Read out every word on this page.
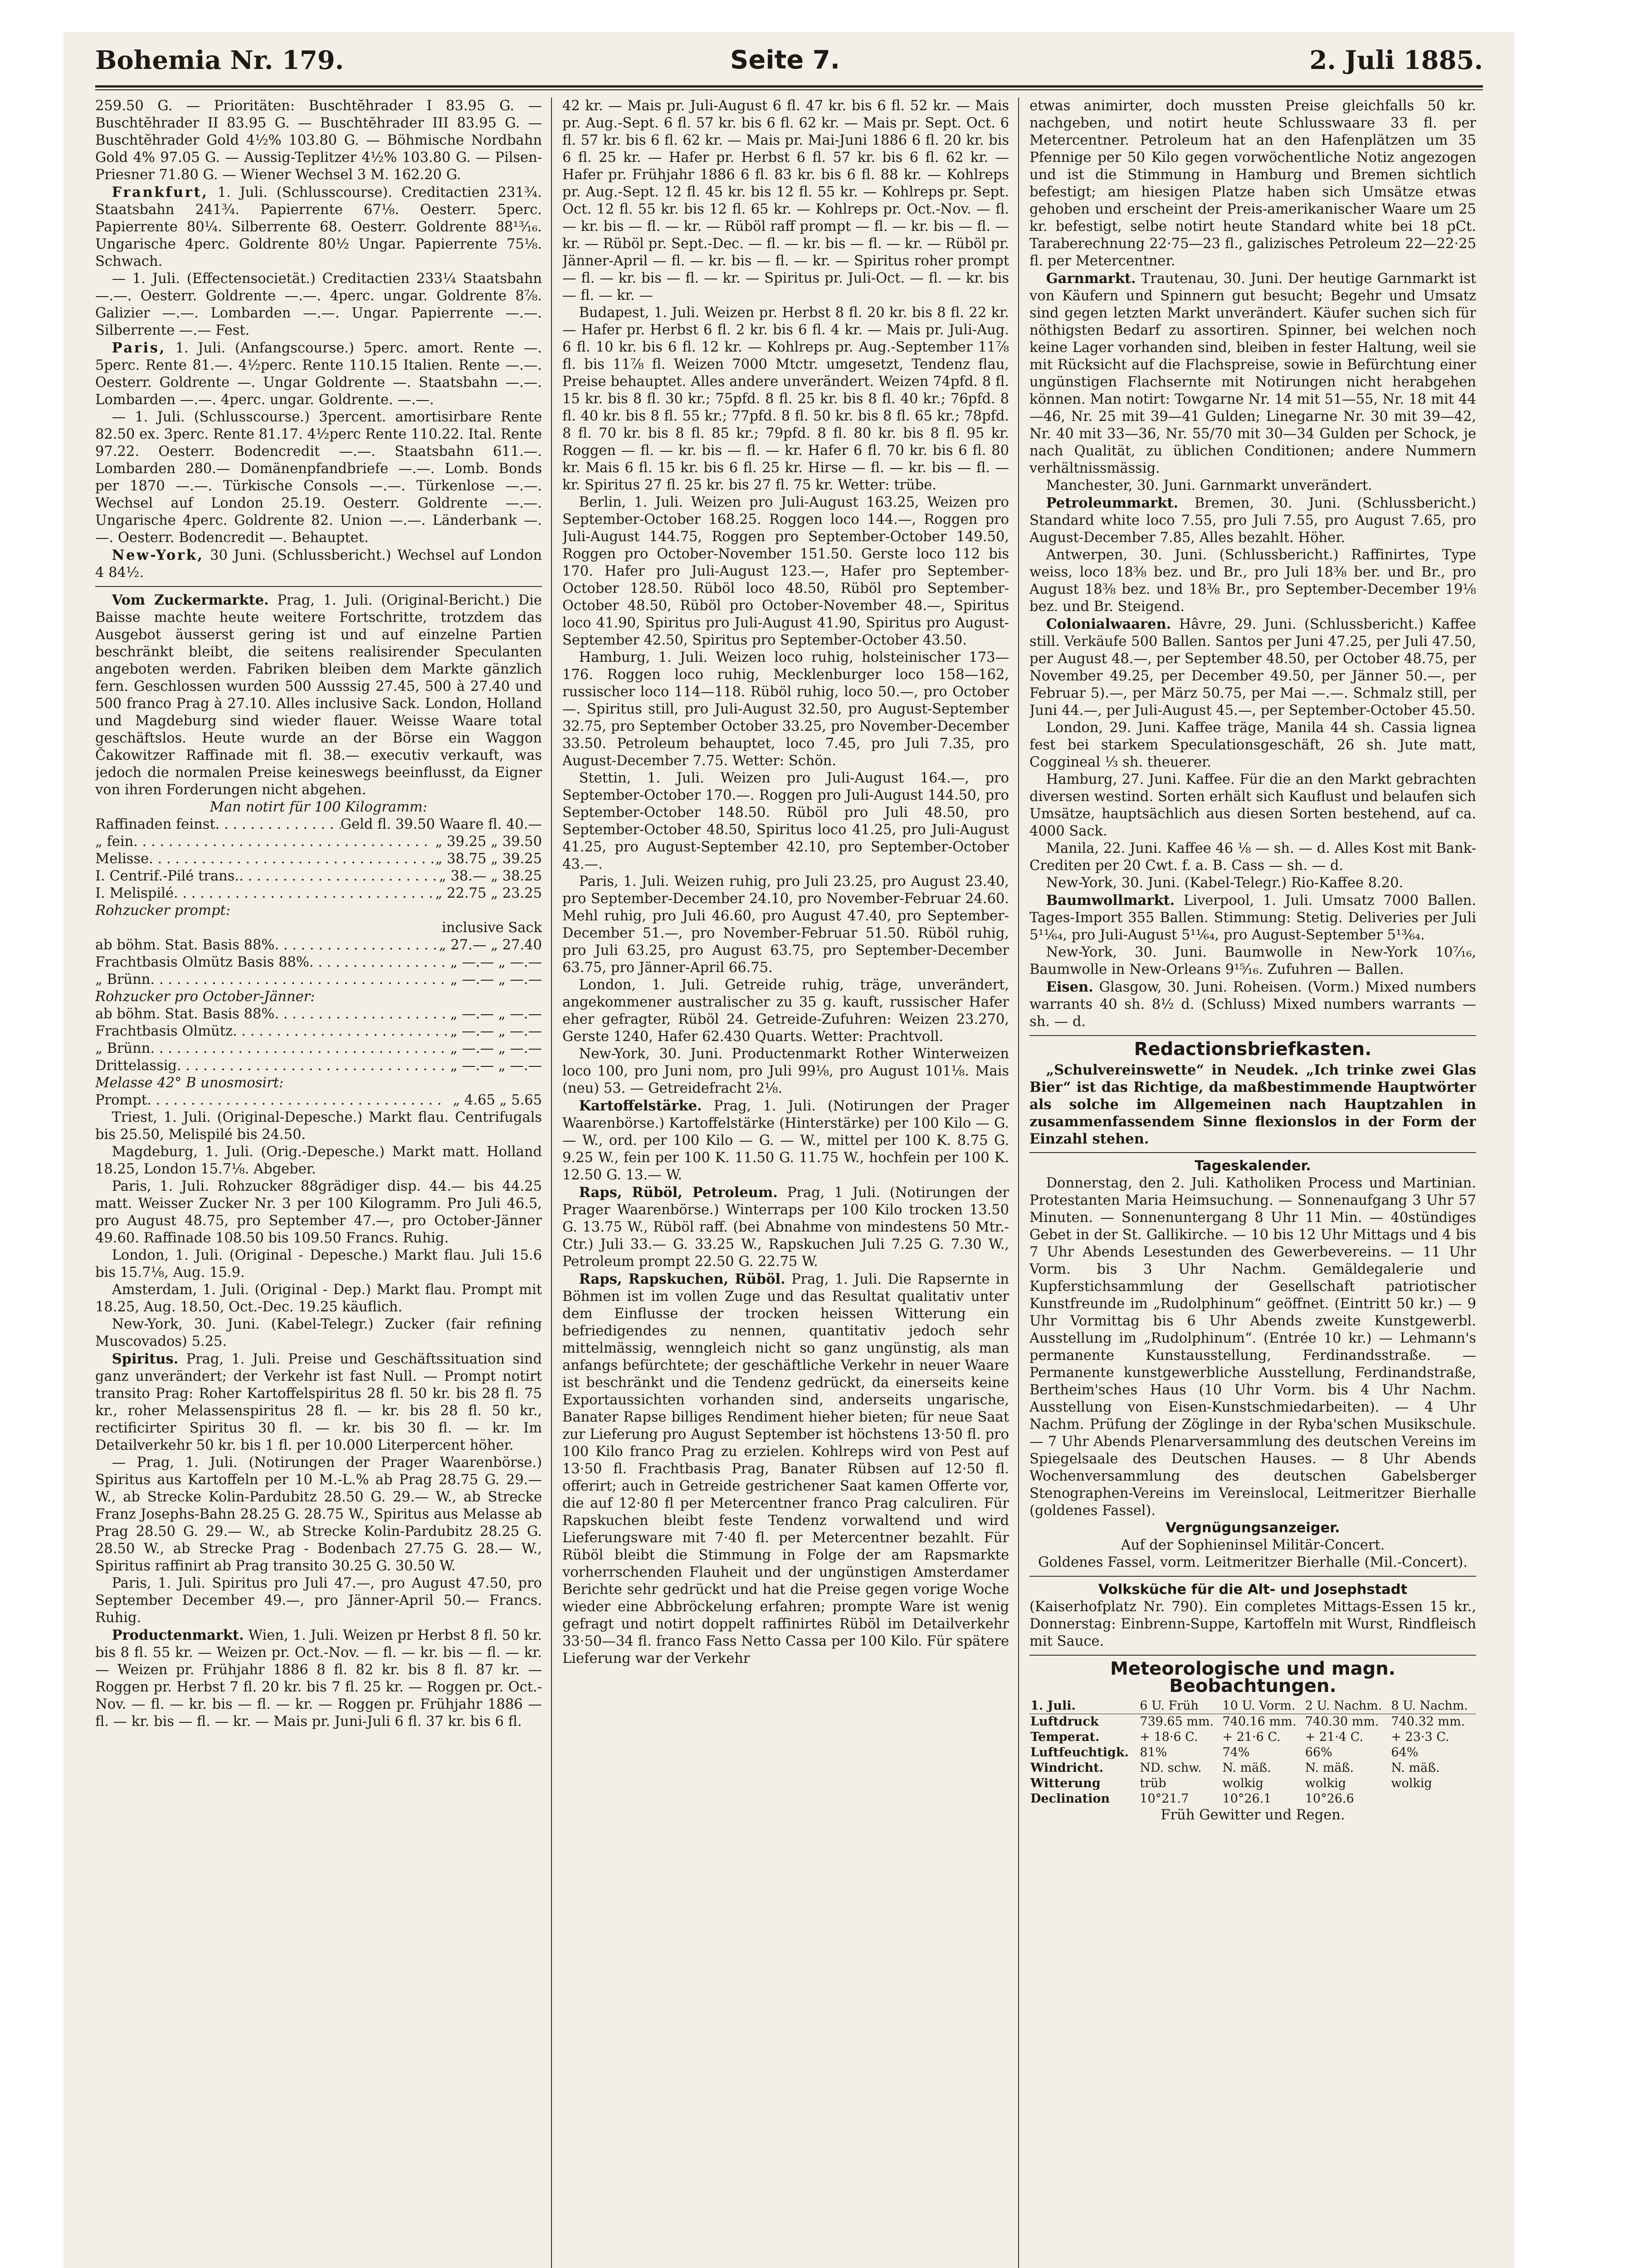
Bohemia Nr. 179.	Seite 7.	2. Juli 1885.

259.50 G. — Prioritäten: Buschtĕhrader I 83.95 G. — Buschtĕhrader II 83.95 G. — Buschtĕhrader III 83.95 G. — Buschtĕhrader Gold 4½% 103.80 G. — Böhmische Nordbahn Gold 4% 97.05 G. — Aussig-Teplitzer 4½% 103.80 G. — Pilsen-Priesner 71.80 G. — Wiener Wechsel 3 M. 162.20 G.

Frankfurt, 1. Juli. (Schlusscourse). Creditactien 231¾. Staatsbahn 241¾. Papierrente 67⅛. Oesterr. 5perc. Papierrente 80¼. Silberrente 68. Oesterr. Goldrente 88¹³⁄₁₆. Ungarische 4perc. Goldrente 80½ Ungar. Papierrente 75⅛. Schwach.

— 1. Juli. (Effectensocietät.) Creditactien 233¼ Staatsbahn —.—. Oesterr. Goldrente —.—. 4perc. ungar. Goldrente 8⅞. Galizier —.—. Lombarden —.—. Ungar. Papierrente —.—. Silberrente —.— Fest.

Paris, 1. Juli. (Anfangscourse.) 5perc. amort. Rente —. 5perc. Rente 81.—. 4½perc. Rente 110.15 Italien. Rente —.—. Oesterr. Goldrente —. Ungar Goldrente —. Staatsbahn —.—. Lombarden —.—. 4perc. ungar. Goldrente. —.—.

— 1. Juli. (Schlusscourse.) 3percent. amortisirbare Rente 82.50 ex. 3perc. Rente 81.17. 4½perc Rente 110.22. Ital. Rente 97.22. Oesterr. Bodencredit —.—. Staatsbahn 611.—. Lombarden 280.— Domänenpfandbriefe —.—. Lomb. Bonds per 1870 —.—. Türkische Consols —.—. Türkenlose —.—. Wechsel auf London 25.19. Oesterr. Goldrente —.—. Ungarische 4perc. Goldrente 82. Union —.—. Länderbank —.—. Oesterr. Bodencredit —. Behauptet.

New-York, 30 Juni. (Schlussbericht.) Wechsel auf London 4 84½.

Vom Zuckermarkte. Prag, 1. Juli. (Original-Bericht.) Die Baisse machte heute weitere Fortschritte, trotzdem das Ausgebot äusserst gering ist und auf einzelne Partien beschränkt bleibt, die seitens realisirender Speculanten angeboten werden. Fabriken bleiben dem Markte gänzlich fern. Geschlossen wurden 500 Ausssig 27.45, 500 à 27.40 und 500 franco Prag à 27.10. Alles inclusive Sack. London, Holland und Magdeburg sind wieder flauer. Weisse Waare total geschäftslos. Heute wurde an der Börse ein Waggon Čakowitzer Raffinade mit fl. 38.— executiv verkauft, was jedoch die normalen Preise keineswegs beeinflusst, da Eigner von ihren Forderungen nicht abgehen.

Man notirt für 100 Kilogramm:

Raffinaden feinst . . .	Geld fl. 39.50 Waare fl. 40.—
„ fein . . .	„ 39.25 „ 39.50
Melisse . . .	„ 38.75 „ 39.25
I. Centrif.-Pilé trans. . . .	„ 38.— „ 38.25
I. Melispilé . . .	„ 22.75 „ 23.25

Rohzucker prompt:

inclusive Sack

ab böhm. Stat. Basis 88% . . .	„ 27.— „ 27.40
Frachtbasis Olmütz Basis 88% . . .	„ —.— „ —.—
„ Brünn . . .	„ —.— „ —.—

Rohzucker pro October-Jänner:

ab böhm. Stat. Basis 88% . . .	„ —.— „ —.—
Frachtbasis Olmütz . . .	„ —.— „ —.—
„ Brünn . . .	„ —.— „ —.—
Drittelassig . . .	„ —.— „ —.—

Melasse 42° B unosmosirt:

Prompt . . .	„ 4.65 „ 5.65

Triest, 1. Juli. (Original-Depesche.) Markt flau. Centrifugals bis 25.50, Melispilé bis 24.50.

Magdeburg, 1. Juli. (Orig.-Depesche.) Markt matt. Holland 18.25, London 15.7⅛. Abgeber.

Paris, 1. Juli. Rohzucker 88grädiger disp. 44.— bis 44.25 matt. Weisser Zucker Nr. 3 per 100 Kilogramm. Pro Juli 46.5, pro August 48.75, pro September 47.—, pro October-Jänner 49.60. Raffinade 108.50 bis 109.50 Francs. Ruhig.

London, 1. Juli. (Original - Depesche.) Markt flau. Juli 15.6 bis 15.7⅛, Aug. 15.9.

Amsterdam, 1. Juli. (Original - Dep.) Markt flau. Prompt mit 18.25, Aug. 18.50, Oct.-Dec. 19.25 käuflich.

New-York, 30. Juni. (Kabel-Telegr.) Zucker (fair refining Muscovados) 5.25.

Spiritus. Prag, 1. Juli. Preise und Geschäftssituation sind ganz unverändert; der Verkehr ist fast Null. — Prompt notirt transito Prag: Roher Kartoffelspiritus 28 fl. 50 kr. bis 28 fl. 75 kr., roher Melassenspiritus 28 fl. — kr. bis 28 fl. 50 kr., rectificirter Spiritus 30 fl. — kr. bis 30 fl. — kr. Im Detailverkehr 50 kr. bis 1 fl. per 10.000 Literpercent höher.

— Prag, 1. Juli. (Notirungen der Prager Waarenbörse.) Spiritus aus Kartoffeln per 10 M.-L.% ab Prag 28.75 G. 29.— W., ab Strecke Kolin-Pardubitz 28.50 G. 29.— W., ab Strecke Franz Josephs-Bahn 28.25 G. 28.75 W., Spiritus aus Melasse ab Prag 28.50 G. 29.— W., ab Strecke Kolin-Pardubitz 28.25 G. 28.50 W., ab Strecke Prag - Bodenbach 27.75 G. 28.— W., Spiritus raffinirt ab Prag transito 30.25 G. 30.50 W.

Paris, 1. Juli. Spiritus pro Juli 47.—, pro August 47.50, pro September December 49.—, pro Jänner-April 50.— Francs. Ruhig.

Productenmarkt. Wien, 1. Juli. Weizen pr Herbst 8 fl. 50 kr. bis 8 fl. 55 kr. — Weizen pr. Oct.-Nov. — fl. — kr. bis — fl. — kr. — Weizen pr. Frühjahr 1886 8 fl. 82 kr. bis 8 fl. 87 kr. — Roggen pr. Herbst 7 fl. 20 kr. bis 7 fl. 25 kr. — Roggen pr. Oct.-Nov. — fl. — kr. bis — fl. — kr. — Roggen pr. Frühjahr 1886 — fl. — kr. bis — fl. — kr. — Mais pr. Juni-Juli 6 fl. 37 kr. bis 6 fl.

42 kr. — Mais pr. Juli-August 6 fl. 47 kr. bis 6 fl. 52 kr. — Mais pr. Aug.-Sept. 6 fl. 57 kr. bis 6 fl. 62 kr. — Mais pr. Sept. Oct. 6 fl. 57 kr. bis 6 fl. 62 kr. — Mais pr. Mai-Juni 1886 6 fl. 20 kr. bis 6 fl. 25 kr. — Hafer pr. Herbst 6 fl. 57 kr. bis 6 fl. 62 kr. — Hafer pr. Frühjahr 1886 6 fl. 83 kr. bis 6 fl. 88 kr. — Kohlreps pr. Aug.-Sept. 12 fl. 45 kr. bis 12 fl. 55 kr. — Kohlreps pr. Sept. Oct. 12 fl. 55 kr. bis 12 fl. 65 kr. — Kohlreps pr. Oct.-Nov. — fl. — kr. bis — fl. — kr. — Rüböl raff prompt — fl. — kr. bis — fl. — kr. — Rüböl pr. Sept.-Dec. — fl. — kr. bis — fl. — kr. — Rüböl pr. Jänner-April — fl. — kr. bis — fl. — kr. — Spiritus roher prompt — fl. — kr. bis — fl. — kr. — Spiritus pr. Juli-Oct. — fl. — kr. bis — fl. — kr. —

Budapest, 1. Juli. Weizen pr. Herbst 8 fl. 20 kr. bis 8 fl. 22 kr. — Hafer pr. Herbst 6 fl. 2 kr. bis 6 fl. 4 kr. — Mais pr. Juli-Aug. 6 fl. 10 kr. bis 6 fl. 12 kr. — Kohlreps pr. Aug.-September 11⅞ fl. bis 11⅞ fl. Weizen 7000 Mtctr. umgesetzt, Tendenz flau, Preise behauptet. Alles andere unverändert. Weizen 74pfd. 8 fl. 15 kr. bis 8 fl. 30 kr.; 75pfd. 8 fl. 25 kr. bis 8 fl. 40 kr.; 76pfd. 8 fl. 40 kr. bis 8 fl. 55 kr.; 77pfd. 8 fl. 50 kr. bis 8 fl. 65 kr.; 78pfd. 8 fl. 70 kr. bis 8 fl. 85 kr.; 79pfd. 8 fl. 80 kr. bis 8 fl. 95 kr. Roggen — fl. — kr. bis — fl. — kr. Hafer 6 fl. 70 kr. bis 6 fl. 80 kr. Mais 6 fl. 15 kr. bis 6 fl. 25 kr. Hirse — fl. — kr. bis — fl. — kr. Spiritus 27 fl. 25 kr. bis 27 fl. 75 kr. Wetter: trübe.

Berlin, 1. Juli. Weizen pro Juli-August 163.25, Weizen pro September-October 168.25. Roggen loco 144.—, Roggen pro Juli-August 144.75, Roggen pro September-October 149.50, Roggen pro October-November 151.50. Gerste loco 112 bis 170. Hafer pro Juli-August 123.—, Hafer pro September-October 128.50. Rüböl loco 48.50, Rüböl pro September-October 48.50, Rüböl pro October-November 48.—, Spiritus loco 41.90, Spiritus pro Juli-August 41.90, Spiritus pro August-September 42.50, Spiritus pro September-October 43.50.

Hamburg, 1. Juli. Weizen loco ruhig, holsteinischer 173—176. Roggen loco ruhig, Mecklenburger loco 158—162, russischer loco 114—118. Rüböl ruhig, loco 50.—, pro October —. Spiritus still, pro Juli-August 32.50, pro August-September 32.75, pro September October 33.25, pro November-December 33.50. Petroleum behauptet, loco 7.45, pro Juli 7.35, pro August-December 7.75. Wetter: Schön.

Stettin, 1. Juli. Weizen pro Juli-August 164.—, pro September-October 170.—. Roggen pro Juli-August 144.50, pro September-October 148.50. Rüböl pro Juli 48.50, pro September-October 48.50, Spiritus loco 41.25, pro Juli-August 41.25, pro August-September 42.10, pro September-October 43.—.

Paris, 1. Juli. Weizen ruhig, pro Juli 23.25, pro August 23.40, pro September-December 24.10, pro November-Februar 24.60. Mehl ruhig, pro Juli 46.60, pro August 47.40, pro September-December 51.—, pro November-Februar 51.50. Rüböl ruhig, pro Juli 63.25, pro August 63.75, pro September-December 63.75, pro Jänner-April 66.75.

London, 1. Juli. Getreide ruhig, träge, unverändert, angekommener australischer zu 35 g. kauft, russischer Hafer eher gefragter, Rüböl 24. Getreide-Zufuhren: Weizen 23.270, Gerste 1240, Hafer 62.430 Quarts. Wetter: Prachtvoll.

New-York, 30. Juni. Productenmarkt Rother Winterweizen loco 100, pro Juni nom, pro Juli 99⅛, pro August 101⅛. Mais (neu) 53. — Getreidefracht 2⅛.

Kartoffelstärke. Prag, 1. Juli. (Notirungen der Prager Waarenbörse.) Kartoffelstärke (Hinterstärke) per 100 Kilo — G. — W., ord. per 100 Kilo — G. — W., mittel per 100 K. 8.75 G. 9.25 W., fein per 100 K. 11.50 G. 11.75 W., hochfein per 100 K. 12.50 G. 13.— W.

Raps, Rüböl, Petroleum. Prag, 1 Juli. (Notirungen der Prager Waarenbörse.) Winterraps per 100 Kilo trocken 13.50 G. 13.75 W., Rüböl raff. (bei Abnahme von mindestens 50 Mtr.-Ctr.) Juli 33.— G. 33.25 W., Rapskuchen Juli 7.25 G. 7.30 W., Petroleum prompt 22.50 G. 22.75 W.

Raps, Rapskuchen, Rüböl. Prag, 1. Juli. Die Rapsernte in Böhmen ist im vollen Zuge und das Resultat qualitativ unter dem Einflusse der trocken heissen Witterung ein befriedigendes zu nennen, quantitativ jedoch sehr mittelmässig, wenngleich nicht so ganz ungünstig, als man anfangs befürchtete; der geschäftliche Verkehr in neuer Waare ist beschränkt und die Tendenz gedrückt, da einerseits keine Exportaussichten vorhanden sind, anderseits ungarische, Banater Rapse billiges Rendiment hieher bieten; für neue Saat zur Lieferung pro August September ist höchstens 13·50 fl. pro 100 Kilo franco Prag zu erzielen. Kohlreps wird von Pest auf 13·50 fl. Frachtbasis Prag, Banater Rübsen auf 12·50 fl. offerirt; auch in Getreide gestrichener Saat kamen Offerte vor, die auf 12·80 fl per Metercentner franco Prag calculiren. Für Rapskuchen bleibt feste Tendenz vorwaltend und wird Lieferungsware mit 7·40 fl. per Metercentner bezahlt. Für Rüböl bleibt die Stimmung in Folge der am Rapsmarkte vorherrschenden Flauheit und der ungünstigen Amsterdamer Berichte sehr gedrückt und hat die Preise gegen vorige Woche wieder eine Abbröckelung erfahren; prompte Ware ist wenig gefragt und notirt doppelt raffinirtes Rüböl im Detailverkehr 33·50—34 fl. franco Fass Netto Cassa per 100 Kilo. Für spätere Lieferung war der Verkehr

etwas animirter, doch mussten Preise gleichfalls 50 kr. nachgeben, und notirt heute Schlusswaare 33 fl. per Metercentner. Petroleum hat an den Hafenplätzen um 35 Pfennige per 50 Kilo gegen vorwöchentliche Notiz angezogen und ist die Stimmung in Hamburg und Bremen sichtlich befestigt; am hiesigen Platze haben sich Umsätze etwas gehoben und erscheint der Preis-amerikanischer Waare um 25 kr. befestigt, selbe notirt heute Standard white bei 18 pCt. Taraberechnung 22·75—23 fl., galizisches Petroleum 22—22·25 fl. per Metercentner.

Garnmarkt. Trautenau, 30. Juni. Der heutige Garnmarkt ist von Käufern und Spinnern gut besucht; Begehr und Umsatz sind gegen letzten Markt unverändert. Käufer suchen sich für nöthigsten Bedarf zu assortiren. Spinner, bei welchen noch keine Lager vorhanden sind, bleiben in fester Haltung, weil sie mit Rücksicht auf die Flachspreise, sowie in Befürchtung einer ungünstigen Flachsernte mit Notirungen nicht herabgehen können. Man notirt: Towgarne Nr. 14 mit 51—55, Nr. 18 mit 44—46, Nr. 25 mit 39—41 Gulden; Linegarne Nr. 30 mit 39—42, Nr. 40 mit 33—36, Nr. 55/70 mit 30—34 Gulden per Schock, je nach Qualität, zu üblichen Conditionen; andere Nummern verhältnissmässig.

Manchester, 30. Juni. Garnmarkt unverändert.

Petroleummarkt. Bremen, 30. Juni. (Schlussbericht.) Standard white loco 7.55, pro Juli 7.55, pro August 7.65, pro August-December 7.85, Alles bezahlt. Höher.

Antwerpen, 30. Juni. (Schlussbericht.) Raffinirtes, Type weiss, loco 18⅜ bez. und Br., pro Juli 18⅜ ber. und Br., pro August 18⅜ bez. und 18⅜ Br., pro September-December 19⅛ bez. und Br. Steigend.

Colonialwaaren. Hâvre, 29. Juni. (Schlussbericht.) Kaffee still. Verkäufe 500 Ballen. Santos per Juni 47.25, per Juli 47.50, per August 48.—, per September 48.50, per October 48.75, per November 49.25, per December 49.50, per Jänner 50.—, per Februar 5).—, per März 50.75, per Mai —.—. Schmalz still, per Juni 44.—, per Juli-August 45.—, per September-October 45.50.

London, 29. Juni. Kaffee träge, Manila 44 sh. Cassia lignea fest bei starkem Speculationsgeschäft, 26 sh. Jute matt, Coggineal ⅓ sh. theuerer.

Hamburg, 27. Juni. Kaffee. Für die an den Markt gebrachten diversen westind. Sorten erhält sich Kauflust und belaufen sich Umsätze, hauptsächlich aus diesen Sorten bestehend, auf ca. 4000 Sack.

Manila, 22. Juni. Kaffee 46 ⅛ — sh. — d. Alles Kost mit Bank-Crediten per 20 Cwt. f. a. B. Cass — sh. — d.

New-York, 30. Juni. (Kabel-Telegr.) Rio-Kaffee 8.20.

Baumwollmarkt. Liverpool, 1. Juli. Umsatz 7000 Ballen. Tages-Import 355 Ballen. Stimmung: Stetig. Deliveries per Juli 5¹¹⁄₆₄, pro Juli-August 5¹¹⁄₆₄, pro August-September 5¹³⁄₆₄.

New-York, 30. Juni. Baumwolle in New-York 10⁷⁄₁₆, Baumwolle in New-Orleans 9¹⁵⁄₁₆. Zufuhren — Ballen.

Eisen. Glasgow, 30. Juni. Roheisen. (Vorm.) Mixed numbers warrants 40 sh. 8½ d. (Schluss) Mixed numbers warrants — sh. — d.

Redactionsbriefkasten.

„Schulvereinswette“ in Neudek. „Ich trinke zwei Glas Bier“ ist das Richtige, da maßbestimmende Hauptwörter als solche im Allgemeinen nach Hauptzahlen in zusammenfassendem Sinne flexionslos in der Form der Einzahl stehen.

Tageskalender.

Donnerstag, den 2. Juli. Katholiken Process und Martinian. Protestanten Maria Heimsuchung. — Sonnenaufgang 3 Uhr 57 Minuten. — Sonnenuntergang 8 Uhr 11 Min. — 40stündiges Gebet in der St. Gallikirche. — 10 bis 12 Uhr Mittags und 4 bis 7 Uhr Abends Lesestunden des Gewerbevereins. — 11 Uhr Vorm. bis 3 Uhr Nachm. Gemäldegalerie und Kupferstichsammlung der Gesellschaft patriotischer Kunstfreunde im „Rudolphinum“ geöffnet. (Eintritt 50 kr.) — 9 Uhr Vormittag bis 6 Uhr Abends zweite Kunstgewerbl. Ausstellung im „Rudolphinum“. (Entrée 10 kr.) — Lehmann's permanente Kunstausstellung, Ferdinandsstraße. — Permanente kunstgewerbliche Ausstellung, Ferdinandstraße, Bertheim'sches Haus (10 Uhr Vorm. bis 4 Uhr Nachm. Ausstellung von Eisen-Kunstschmiedarbeiten). — 4 Uhr Nachm. Prüfung der Zöglinge in der Ryba'schen Musikschule. — 7 Uhr Abends Plenarversammlung des deutschen Vereins im Spiegelsaale des Deutschen Hauses. — 8 Uhr Abends Wochenversammlung des deutschen Gabelsberger Stenographen-Vereins im Vereinslocal, Leitmeritzer Bierhalle (goldenes Fassel).

Vergnügungsanzeiger.

Auf der Sophieninsel Militär-Concert.

Goldenes Fassel, vorm. Leitmeritzer Bierhalle (Mil.-Concert).

Volksküche für die Alt- und Josephstadt

(Kaiserhofplatz Nr. 790). Ein completes Mittags-Essen 15 kr., Donnerstag: Einbrenn-Suppe, Kartoffeln mit Wurst, Rindfleisch mit Sauce.

Meteorologische und magn. Beobachtungen.
1. Juli.	6 U. Früh	10 U. Vorm.	2 U. Nachm.	8 U. Nachm.
Luftdruck	739.65 mm.	740.16 mm.	740.30 mm.	740.32 mm.
Temperat.	+ 18·6 C.	+ 21·6 C.	+ 21·4 C.	+ 23·3 C.
Luftfeuchtigk.	81%	74%	66%	64%
Windricht.	ND. schw.	N. mäß.	N. mäß.	N. mäß.
Witterung	trüb	wolkig	wolkig	wolkig
Declination	10°21.7	10°26.1	10°26.6	

Früh Gewitter und Regen.
